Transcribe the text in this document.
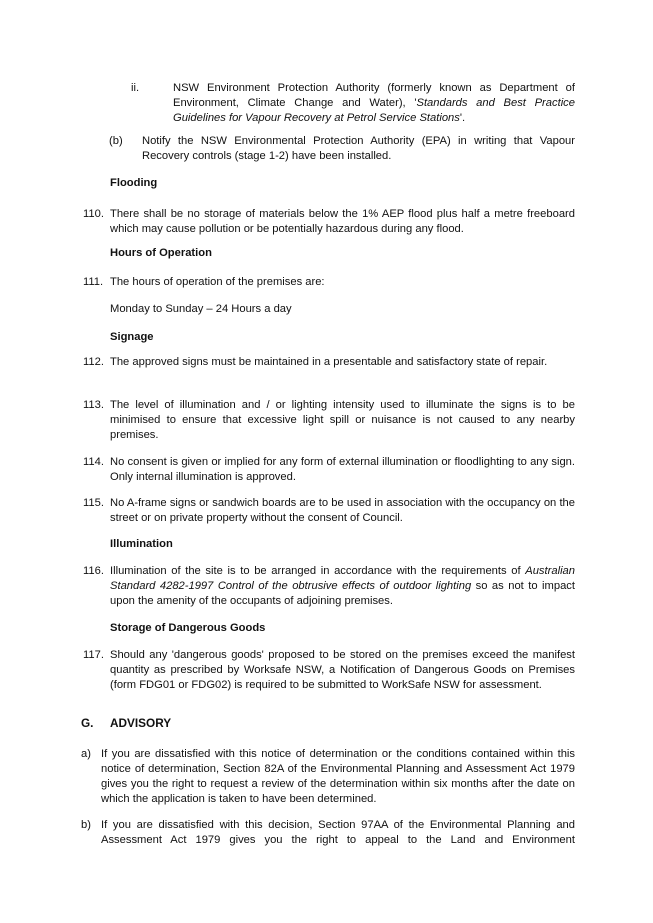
ii.	NSW Environment Protection Authority (formerly known as Department of Environment, Climate Change and Water), 'Standards and Best Practice Guidelines for Vapour Recovery at Petrol Service Stations'.
(b) Notify the NSW Environmental Protection Authority (EPA) in writing that Vapour Recovery controls (stage 1-2) have been installed.
Flooding
110. There shall be no storage of materials below the 1% AEP flood plus half a metre freeboard which may cause pollution or be potentially hazardous during any flood.
Hours of Operation
111. The hours of operation of the premises are:
Monday to Sunday – 24 Hours a day
Signage
112. The approved signs must be maintained in a presentable and satisfactory state of repair.
113. The level of illumination and / or lighting intensity used to illuminate the signs is to be minimised to ensure that excessive light spill or nuisance is not caused to any nearby premises.
114. No consent is given or implied for any form of external illumination or floodlighting to any sign. Only internal illumination is approved.
115. No A-frame signs or sandwich boards are to be used in association with the occupancy on the street or on private property without the consent of Council.
Illumination
116. Illumination of the site is to be arranged in accordance with the requirements of Australian Standard 4282-1997 Control of the obtrusive effects of outdoor lighting so as not to impact upon the amenity of the occupants of adjoining premises.
Storage of Dangerous Goods
117. Should any 'dangerous goods' proposed to be stored on the premises exceed the manifest quantity as prescribed by Worksafe NSW, a Notification of Dangerous Goods on Premises (form FDG01 or FDG02) is required to be submitted to WorkSafe NSW for assessment.
G. ADVISORY
a) If you are dissatisfied with this notice of determination or the conditions contained within this notice of determination, Section 82A of the Environmental Planning and Assessment Act 1979 gives you the right to request a review of the determination within six months after the date on which the application is taken to have been determined.
b) If you are dissatisfied with this decision, Section 97AA of the Environmental Planning and Assessment Act 1979 gives you the right to appeal to the Land and Environment
